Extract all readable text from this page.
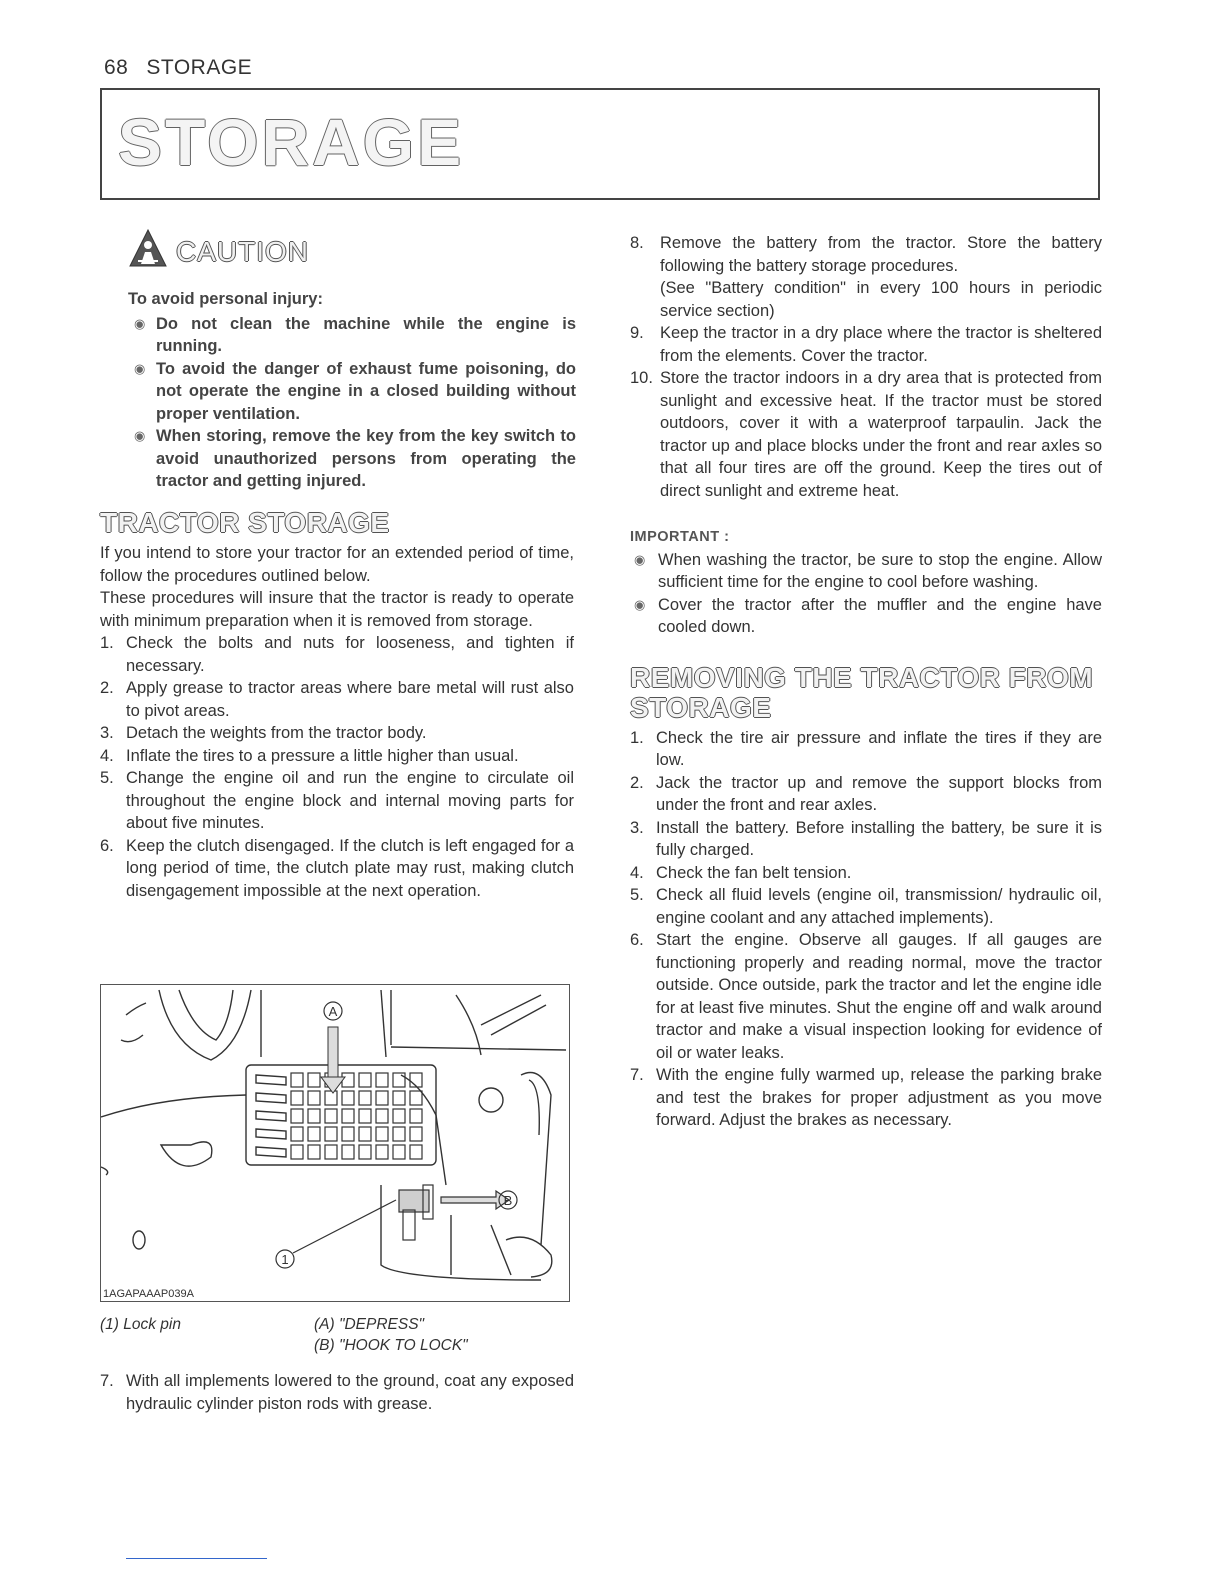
68 STORAGE
STORAGE
CAUTION
To avoid personal injury:
◉ Do not clean the machine while the engine is running.
◉ To avoid the danger of exhaust fume poisoning, do not operate the engine in a closed building without proper ventilation.
◉ When storing, remove the key from the key switch to avoid unauthorized persons from operating the tractor and getting injured.
TRACTOR STORAGE

If you intend to store your tractor for an extended period of time, follow the procedures outlined below.

These procedures will insure that the tractor is ready to operate with minimum preparation when it is removed from storage.

1. Check the bolts and nuts for looseness, and tighten if necessary.
2. Apply grease to tractor areas where bare metal will rust also to pivot areas.
3. Detach the weights from the tractor body.
4. Inflate the tires to a pressure a little higher than usual.
5. Change the engine oil and run the engine to circulate oil throughout the engine block and internal moving parts for about five minutes.
6. Keep the clutch disengaged. If the clutch is left engaged for a long period of time, the clutch plate may rust, making clutch disengagement impossible at the next operation.
A
B
1
1AGAPAAAP039A
(1) Lock pin	(A) "DEPRESS"
(B) "HOOK TO LOCK"
7. With all implements lowered to the ground, coat any exposed hydraulic cylinder piston rods with grease.
8. Remove the battery from the tractor. Store the battery following the battery storage procedures.
(See "Battery condition" in every 100 hours in periodic service section)
9. Keep the tractor in a dry place where the tractor is sheltered from the elements. Cover the tractor.
10. Store the tractor indoors in a dry area that is protected from sunlight and excessive heat. If the tractor must be stored outdoors, cover it with a waterproof tarpaulin. Jack the tractor up and place blocks under the front and rear axles so that all four tires are off the ground. Keep the tires out of direct sunlight and extreme heat.
IMPORTANT :
◉ When washing the tractor, be sure to stop the engine. Allow sufficient time for the engine to cool before washing.
◉ Cover the tractor after the muffler and the engine have cooled down.
REMOVING THE TRACTOR FROM
STORAGE
1. Check the tire air pressure and inflate the tires if they are low.
2. Jack the tractor up and remove the support blocks from under the front and rear axles.
3. Install the battery. Before installing the battery, be sure it is fully charged.
4. Check the fan belt tension.
5. Check all fluid levels (engine oil, transmission/ hydraulic oil, engine coolant and any attached implements).
6. Start the engine. Observe all gauges. If all gauges are functioning properly and reading normal, move the tractor outside. Once outside, park the tractor and let the engine idle for at least five minutes. Shut the engine off and walk around tractor and make a visual inspection looking for evidence of oil or water leaks.
7. With the engine fully warmed up, release the parking brake and test the brakes for proper adjustment as you move forward. Adjust the brakes as necessary.
